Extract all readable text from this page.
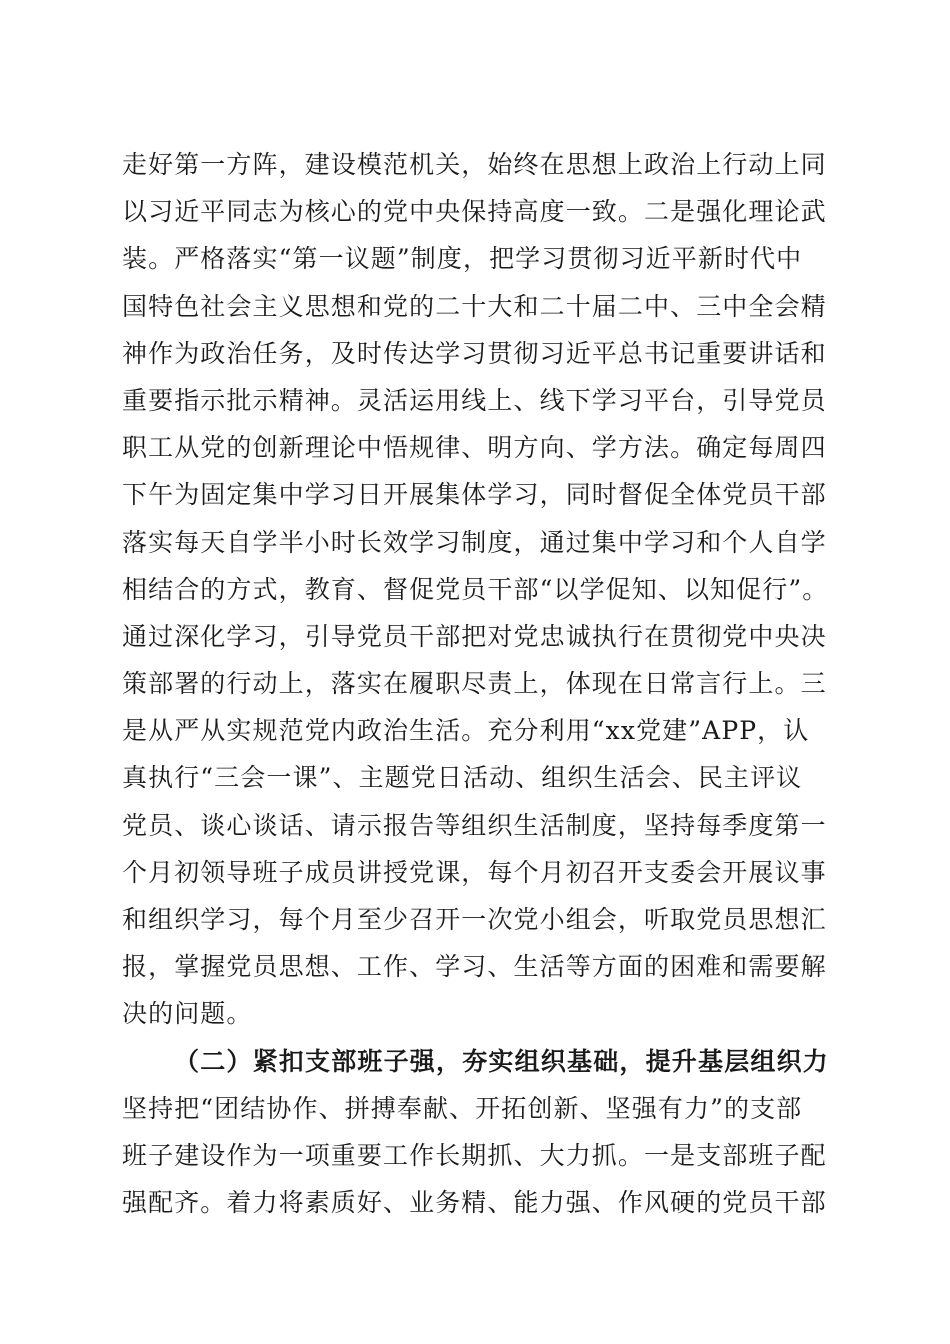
走好第一方阵，建设模范机关，始终在思想上政治上行动上同
以习近平同志为核心的党中央保持高度一致。二是强化理论武
装。严格落实“第一议题”制度，把学习贯彻习近平新时代中
国特色社会主义思想和党的二十大和二十届二中、三中全会精
神作为政治任务，及时传达学习贯彻习近平总书记重要讲话和
重要指示批示精神。灵活运用线上、线下学习平台，引导党员
职工从党的创新理论中悟规律、明方向、学方法。确定每周四
下午为固定集中学习日开展集体学习，同时督促全体党员干部
落实每天自学半小时长效学习制度，通过集中学习和个人自学
相结合的方式，教育、督促党员干部“以学促知、以知促行”。
通过深化学习，引导党员干部把对党忠诚执行在贯彻党中央决
策部署的行动上，落实在履职尽责上，体现在日常言行上。三
是从严从实规范党内政治生活。充分利用“xx党建”APP，认
真执行“三会一课”、主题党日活动、组织生活会、民主评议
党员、谈心谈话、请示报告等组织生活制度，坚持每季度第一
个月初领导班子成员讲授党课，每个月初召开支委会开展议事
和组织学习，每个月至少召开一次党小组会，听取党员思想汇
报，掌握党员思想、工作、学习、生活等方面的困难和需要解
决的问题。
（二）紧扣支部班子强，夯实组织基础，提升基层组织力
坚持把“团结协作、拼搏奉献、开拓创新、坚强有力”的支部
班子建设作为一项重要工作长期抓、大力抓。一是支部班子配
强配齐。着力将素质好、业务精、能力强、作风硬的党员干部
